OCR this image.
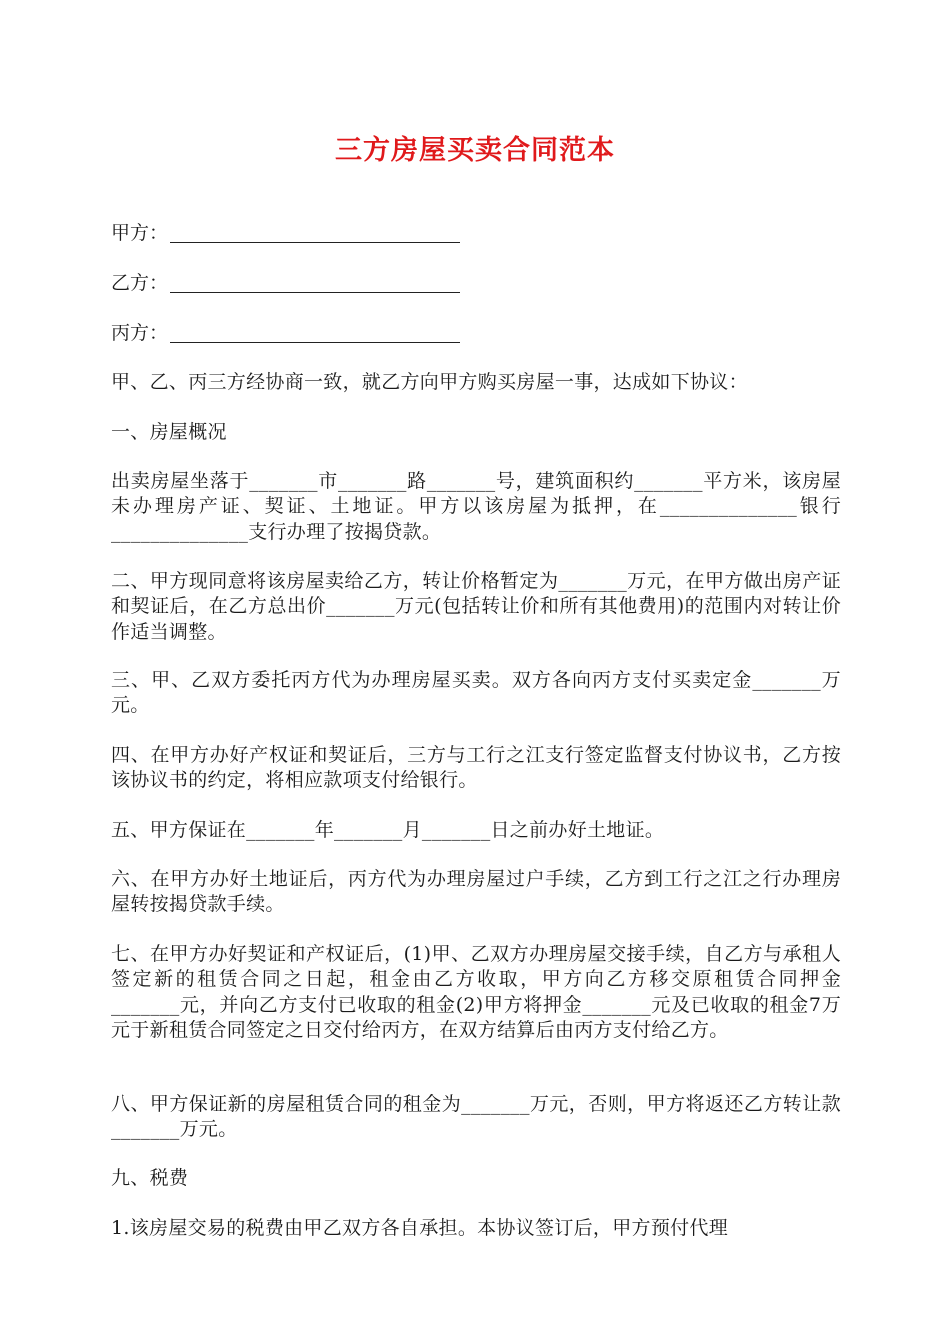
三方房屋买卖合同范本
甲方：
乙方：
丙方：

甲、乙、丙三方经协商一致，就乙方向甲方购买房屋一事，达成如下协议：

一、房屋概况

出卖房屋坐落于_______市_______路_______号，建筑面积约_______平方米，该房屋未办理房产证、契证、土地证。甲方以该房屋为抵押，在______________银行______________支行办理了按揭贷款。

二、甲方现同意将该房屋卖给乙方，转让价格暂定为_______万元，在甲方做出房产证和契证后，在乙方总出价_______万元(包括转让价和所有其他费用)的范围内对转让价作适当调整。

三、甲、乙双方委托丙方代为办理房屋买卖。双方各向丙方支付买卖定金_______万元。

四、在甲方办好产权证和契证后，三方与工行之江支行签定监督支付协议书，乙方按该协议书的约定，将相应款项支付给银行。

五、甲方保证在_______年_______月_______日之前办好土地证。

六、在甲方办好土地证后，丙方代为办理房屋过户手续，乙方到工行之江之行办理房屋转按揭贷款手续。

七、在甲方办好契证和产权证后，(1)甲、乙双方办理房屋交接手续，自乙方与承租人签定新的租赁合同之日起，租金由乙方收取，甲方向乙方移交原租赁合同押金 _______元，并向乙方支付已收取的租金(2)甲方将押金_______元及已收取的租金7万元于新租赁合同签定之日交付给丙方，在双方结算后由丙方支付给乙方。

八、甲方保证新的房屋租赁合同的租金为_______万元，否则，甲方将返还乙方转让款_______万元。

九、税费

1.该房屋交易的税费由甲乙双方各自承担。本协议签订后，甲方预付代理
